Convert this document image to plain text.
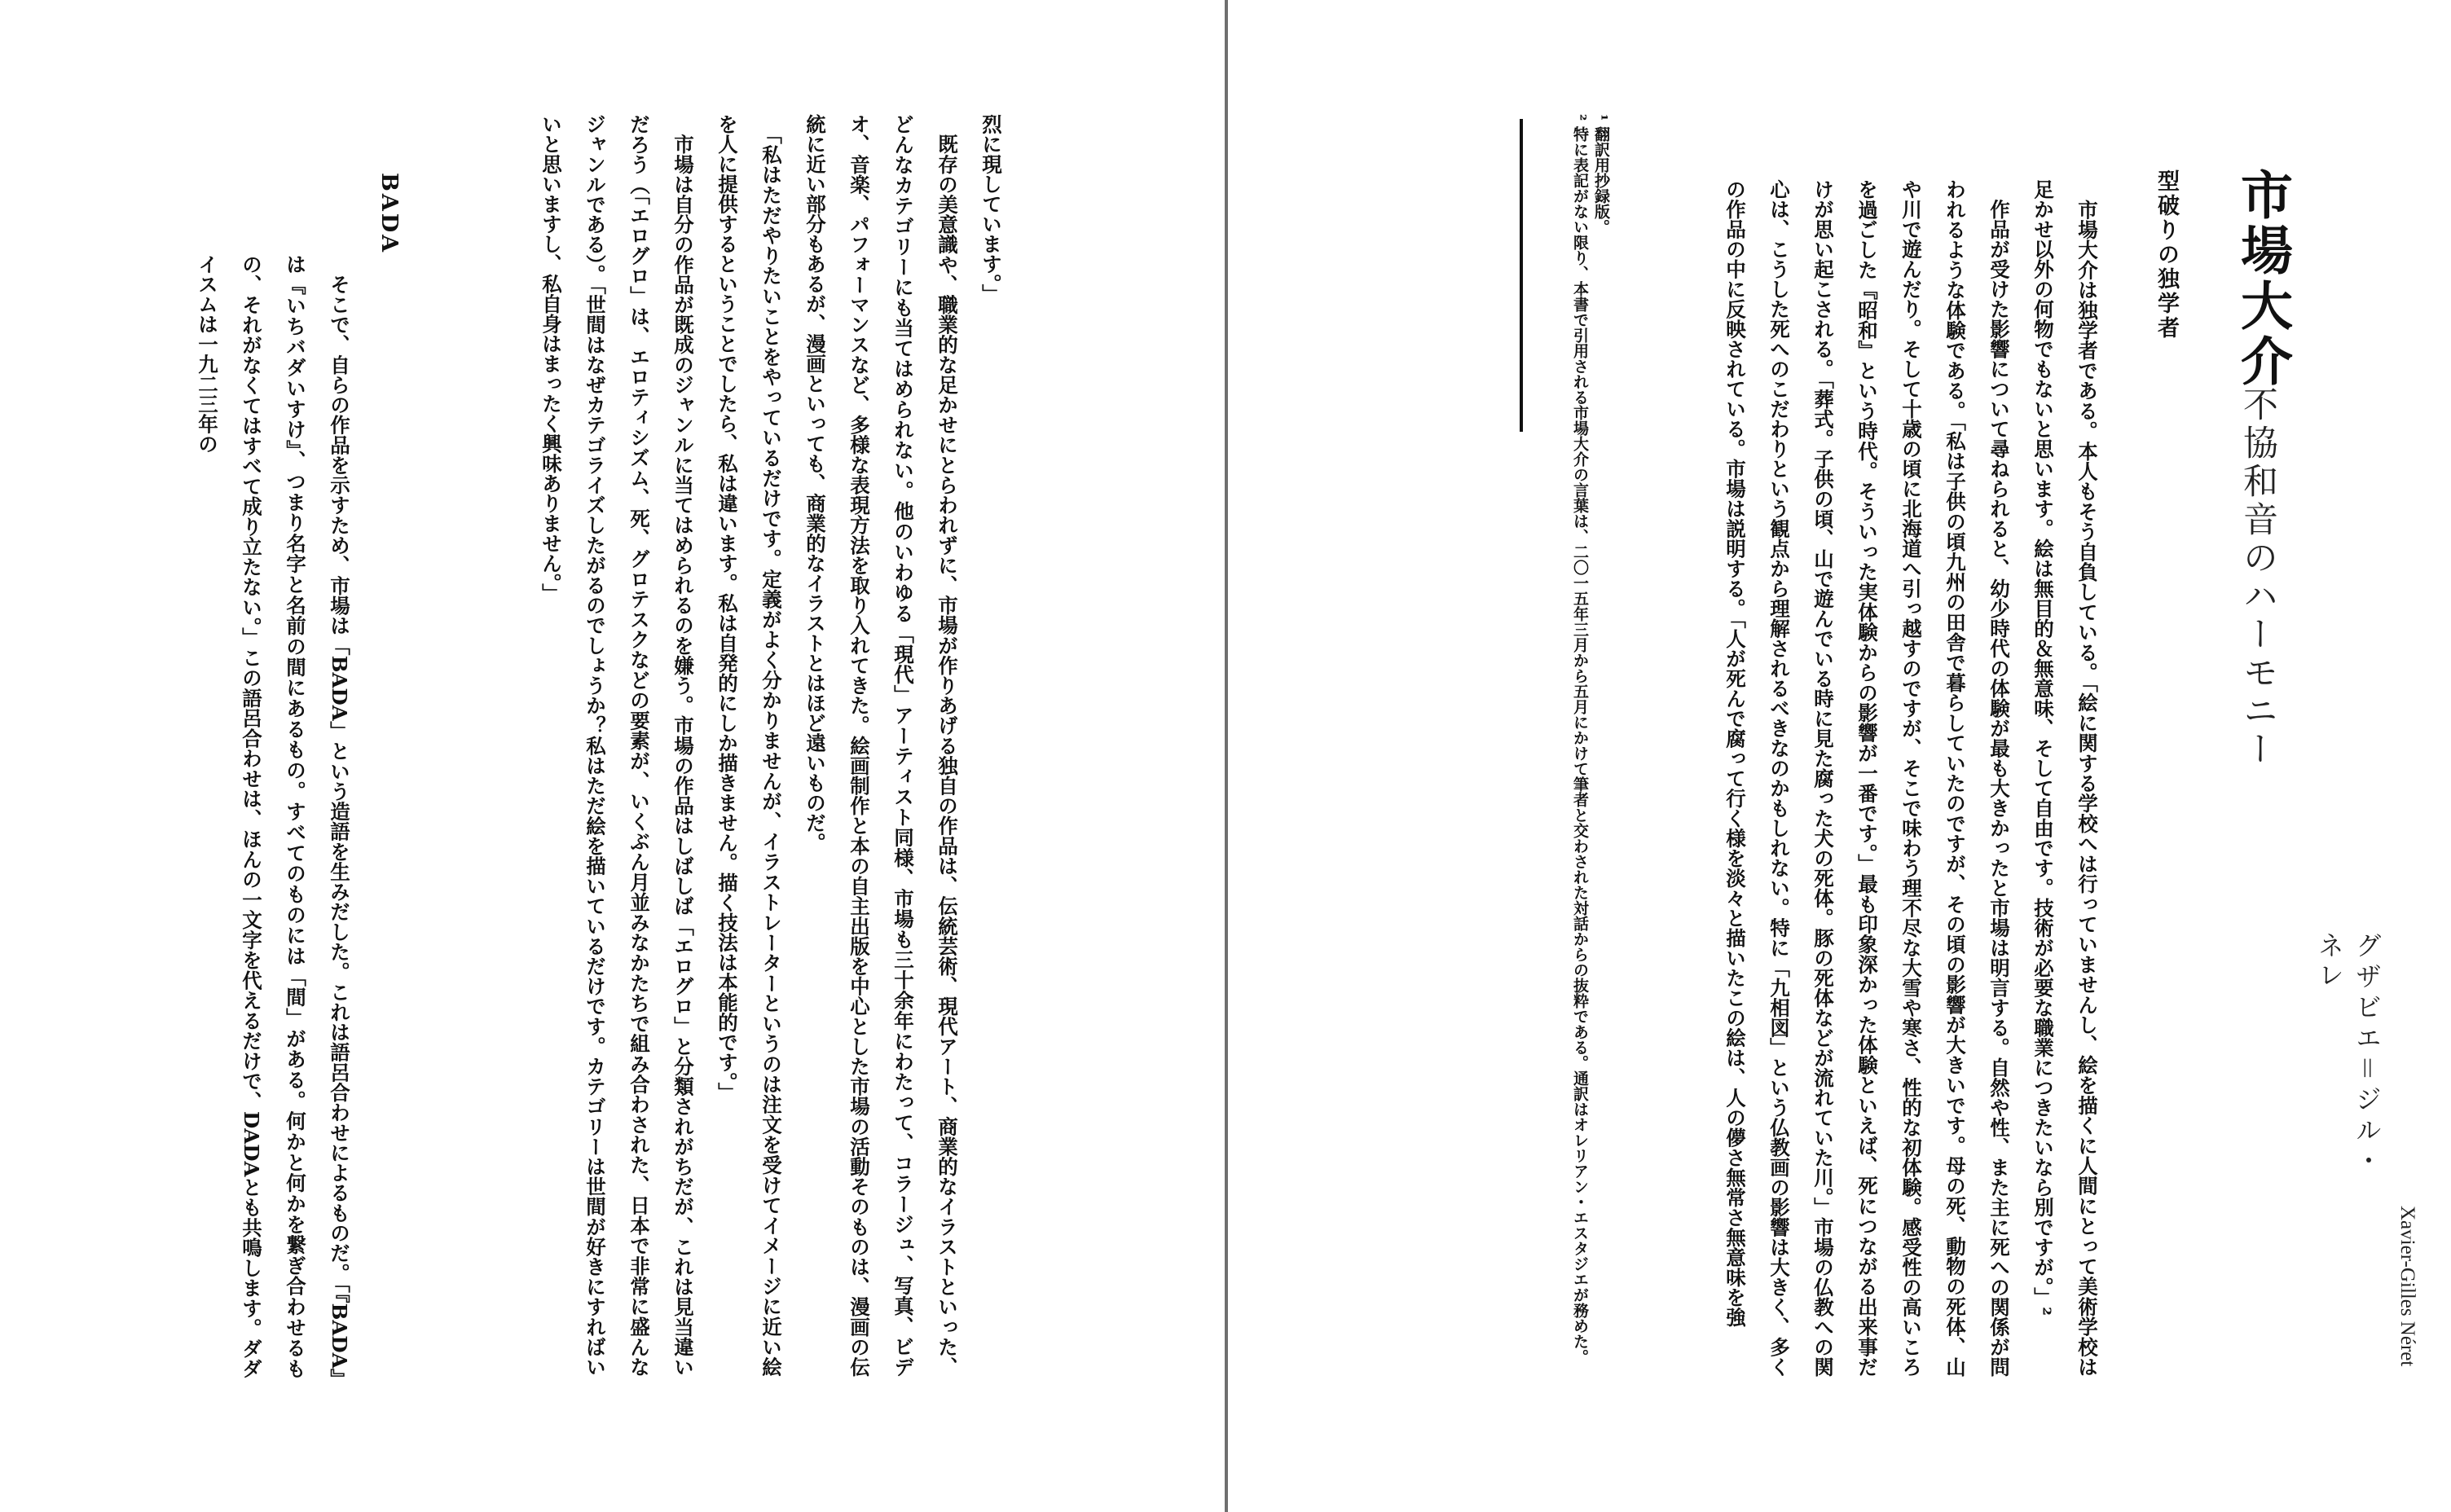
烈に現しています。」
　既存の美意識や、職業的な足かせにとらわれずに、市場が作りあげる独自の作品は、伝統芸術、現代アート、商業的なイラストといった、どんなカテゴリーにも当てはめられない。他のいわゆる「現代」アーティスト同様、市場も三十余年にわたって、コラージュ、写真、ビデオ、音楽、パフォーマンスなど、多様な表現方法を取り入れてきた。絵画制作と本の自主出版を中心とした市場の活動そのものは、漫画の伝統に近い部分もあるが、漫画といっても、商業的なイラストとはほど遠いものだ。
　「私はただやりたいことをやっているだけです。定義がよく分かりませんが、イラストレーターというのは注文を受けてイメージに近い絵を人に提供するということでしたら、私は違います。私は自発的にしか描きません。描く技法は本能的です。」
　市場は自分の作品が既成のジャンルに当てはめられるのを嫌う。市場の作品はしばしば「エログロ」と分類されがちだが、これは見当違いだろう（「エログロ」は、エロティシズム、死、グロテスクなどの要素が、いくぶん月並みなかたちで組み合わされた、日本で非常に盛んなジャンルである）。「世間はなぜカテゴライズしたがるのでしょうか？私はただ絵を描いているだけです。カテゴリーは世間が好きにすればいいと思いますし、私自身はまったく興味ありません。」
BADA
　そこで、自らの作品を示すため、市場は「BADA」という造語を生みだした。これは語呂合わせによるものだ。「『BADA』は『いちバダいすけ』、つまり名字と名前の間にあるもの。すべてのものには「間」がある。何かと何かを繋ぎ合わせるもの、それがなくてはすべて成り立たない。」この語呂合わせは、ほんの一文字を代えるだけで、DADAとも共鳴します。ダダイスムは一九二三年の	市場大介
不協和音のハーモニー
グザビエ＝ジル・ネレ
Xavier-Gilles Néret
型破りの独学者
　市場大介は独学者である。本人もそう自負している。「絵に関する学校へは行っていませんし、絵を描くに人間にとって美術学校は足かせ以外の何物でもないと思います。絵は無目的＆無意味、そして自由です。技術が必要な職業につきたいなら別ですが。」²
　作品が受けた影響について尋ねられると、幼少時代の体験が最も大きかったと市場は明言する。自然や性、また主に死への関係が問われるような体験である。「私は子供の頃九州の田舎で暮らしていたのですが、その頃の影響が大きいです。母の死、動物の死体、山や川で遊んだり。そして十歳の頃に北海道へ引っ越すのですが、そこで味わう理不尽な大雪や寒さ、性的な初体験。感受性の高いころを過ごした『昭和』という時代。そういった実体験からの影響が一番です。」最も印象深かった体験といえば、死につながる出来事だけが思い起こされる。「葬式。子供の頃、山で遊んでいる時に見た腐った犬の死体。豚の死体などが流れていた川。」市場の仏教への関心は、こうした死へのこだわりという観点から理解されるべきなのかもしれない。特に「九相図」という仏教画の影響は大きく、多くの作品の中に反映されている。市場は説明する。「人が死んで腐って行く様を淡々と描いたこの絵は、人の儚さ無常さ無意味を強
¹ 翻訳用抄録版。
² 特に表記がない限り、本書で引用される市場大介の言葉は、二〇一五年三月から五月にかけて筆者と交わされた対話からの抜粋である。通訳はオレリアン・エスタジエが務めた。
